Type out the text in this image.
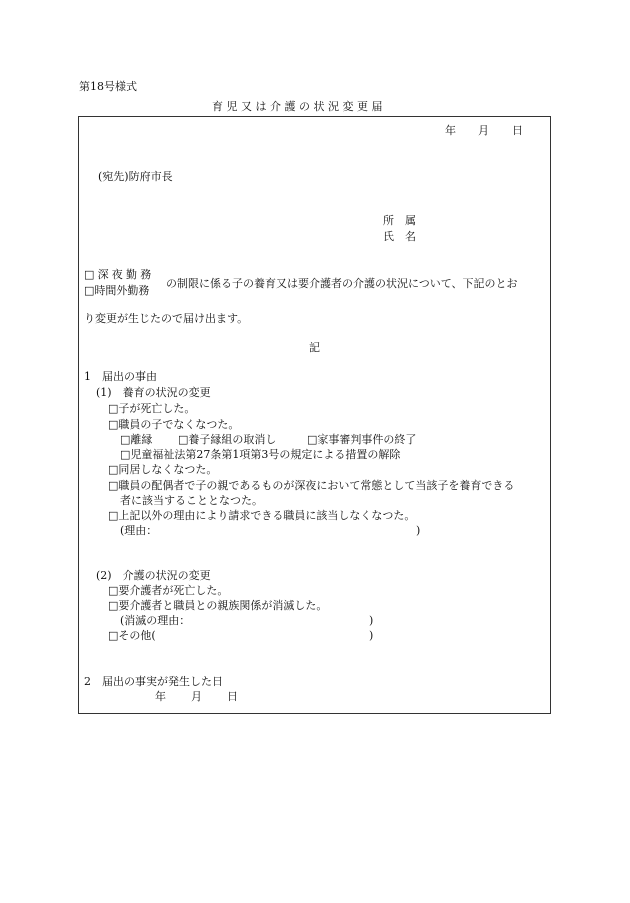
第18号様式
育児又は介護の状況変更届
年 月 日
(宛先)防府市長
所　属
氏　名
□深夜勤務
□時間外勤務
の制限に係る子の養育又は要介護者の介護の状況について、下記のとお
り変更が生じたので届け出ます。
記
1　届出の事由
(1)　養育の状況の変更
□子が死亡した。
□職員の子でなくなつた。
□離縁 □養子縁組の取消し	□家事審判事件の終了
□児童福祉法第27条第1項第3号の規定による措置の解除
□同居しなくなつた。
□職員の配偶者で子の親であるものが深夜において常態として当該子を養育できる
者に該当することとなつた。
□上記以外の理由により請求できる職員に該当しなくなつた。
(理由：	)
(2)　介護の状況の変更
□要介護者が死亡した。
□要介護者と職員との親族関係が消滅した。
(消滅の理由：	)
□その他(	)
2　届出の事実が発生した日
年 月 日
